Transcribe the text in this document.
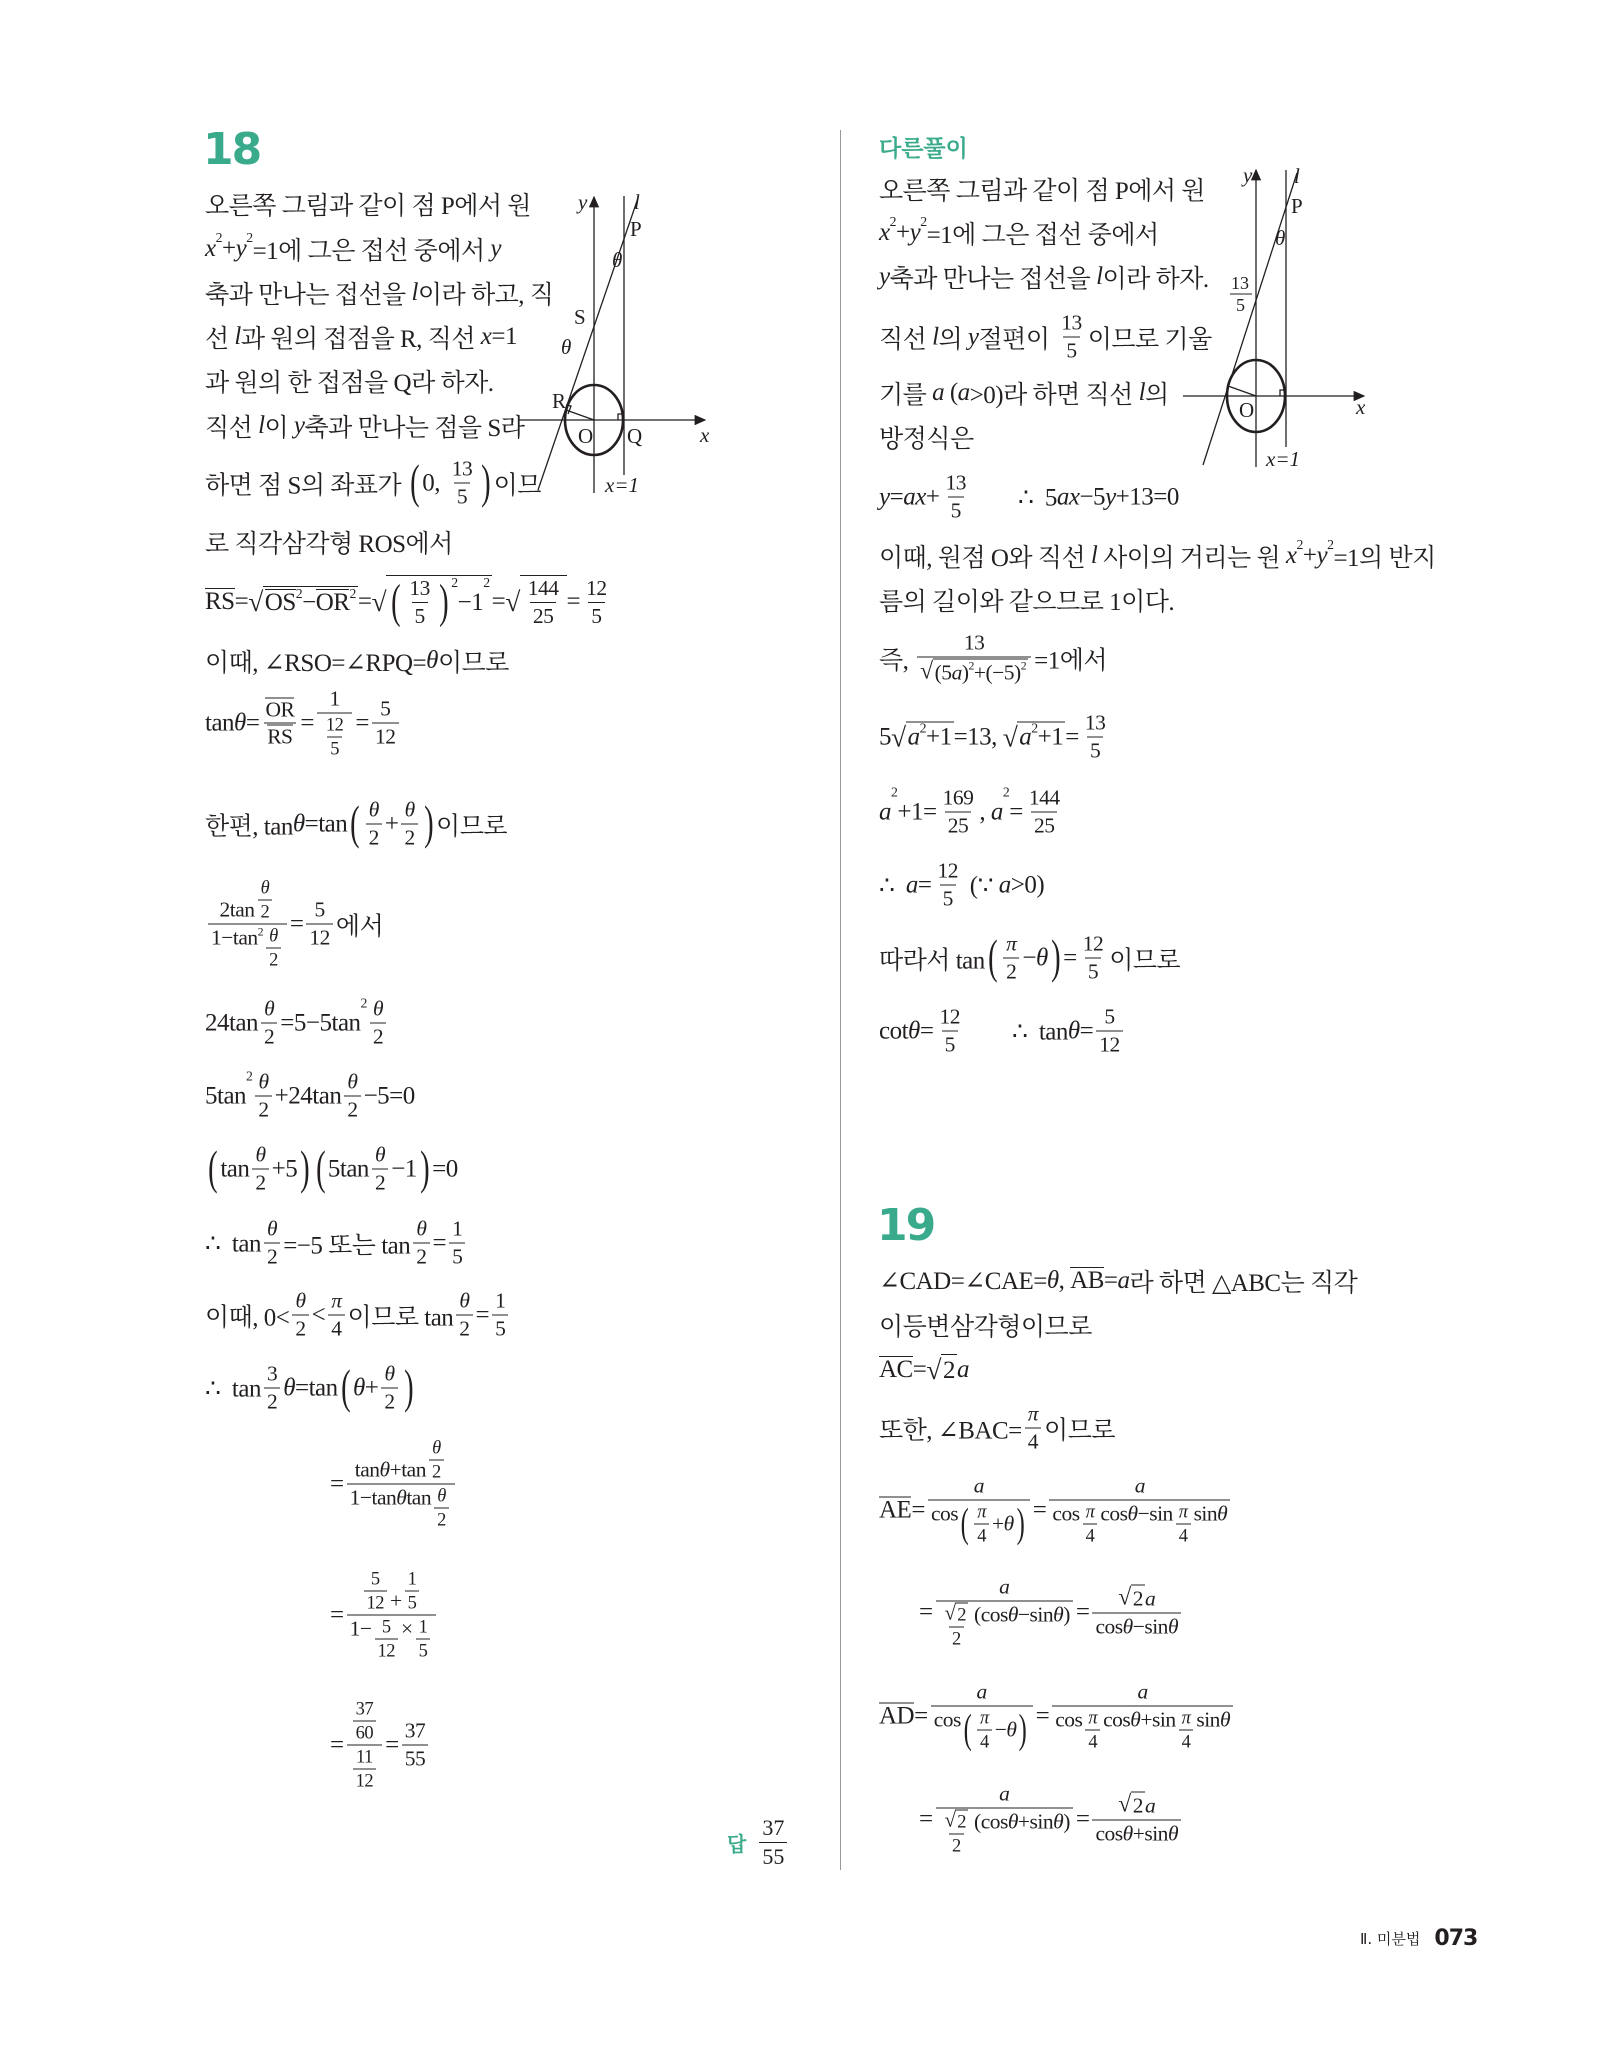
18	다른풀이
19
y l
P
θ
S
θ
R
O Q	x
x=1
y l
P
θ
13
5
O	x
x=1
답 $\frac{37}{55}$
Ⅱ. 미분법 073
오른쪽 그림과 같이 점 P에서 원
x 2 + y 2
=1에 그은 접선 중에서 y
축과 만나는 접선을 l 이라 하고, 직
선 l 과 원의 접점을 R, 직선 x =1
과 원의 한 접점을 Q라 하자.
직선 l 이 y 축과 만나는 점을 S라
하면 점 S의 좌표가 ( 0, $\frac{13}{5}$ ) 이므
로 직각삼각형 ROS에서
RS = √ OS 2 − OR 2 = √ ( $\frac{13}{5}$ ) 2
−1
2
= √ $\frac{144}{25} = \frac{12}{5}$
이때, ∠RSO=∠RPQ= θ 이므로
$\tan \theta = \frac{OR}{RS} = \frac{1}{\frac{12}{5}} = \frac{5}{12}$
한편, tan θ =tan ( $\frac{\theta}{2} + \frac{\theta}{2}$ ) 이므로
$\frac{2\tan \frac{\theta}{2}}{1-\tan 2 \frac{\theta}{2}} = \frac{5}{12}$ 에서
$24\tan \frac{\theta}{2} =5-5\tan$
$2 \frac{\theta}{2}$
5tan
$2 \frac{\theta}{2} +24\tan \frac{\theta}{2} -5=0$
( $\tan \frac{\theta}{2} +5$ ) ( $5\tan \frac{\theta}{2} -1$ ) =0
∴  $\tan \frac{\theta}{2} =-5$ 또는 $\tan \frac{\theta}{2} = \frac{1}{5}$
이때, $0< \frac{\theta}{2} < \frac{\pi}{4}$ 이므로 $\tan \frac{\theta}{2} = \frac{1}{5}$
∴  $\tan \frac{3}{2}$ θ =tan ( $\theta + \frac{\theta}{2}$ )
= $\frac{\tan \theta +\tan \frac{\theta}{2}}{1-\tan \theta \tan \frac{\theta}{2}}$
= $\frac{\frac{5}{12} + \frac{1}{5}}{1- \frac{5}{12} \times \frac{1}{5}}$
= $\frac{\frac{37}{60}}{\frac{11}{12}} = \frac{37}{55}$
오른쪽 그림과 같이 점 P에서 원
x 2 + y 2
=1에 그은 접선 중에서
y 축과 만나는 접선을 l 이라 하자.
직선 l 의 y 절편이 $\frac{13}{5}$ 이므로 기울
기를 a ( a >0)라 하면 직선 l 의
방정식은
y = ax + $\frac{13}{5}$ ∴  5 ax −5 y +13=0
이때, 원점 O와 직선 l 사이의 거리는 원 x 2 + y 2
=1의 반지
름의 길이와 같으므로 1이다.
즉, $\frac{13}{√ (5 a ) 2 +(-5) 2} =1$에서
5 √ a 2 +1 =13, √ a $2 +1 = \frac{13}{5}$
a
2
$+1= \frac{169}{25}$ , a
2
= $\frac{144}{25}$
∴ $a = \frac{12}{5}$ (∵ a >0)
따라서 tan ( $\frac{\pi}{2} - \theta$ ) = $\frac{12}{5}$ 이므로
$\cot \theta = \frac{12}{5}$ ∴  $\tan \theta = \frac{5}{12}$
∠CAD=∠CAE= θ , AB = a 라 하면 △ABC는 직각
이등변삼각형이므로
AC = √ 2 a
또한, ∠BAC= $\frac{\pi}{4}$ 이므로
AE = $\frac{a}{\cos ( \frac{\pi}{4} + \theta )} = \frac{a}{\cos \frac{\pi}{4} \cos \theta -\sin \frac{\pi}{4} \sin \theta}$
= $\frac{a}{\frac{√ 2}{2} (\cos \theta -\sin \theta )} = \frac{√ 2 a}{\text{cos θ −sin θ}}$
AD = $\frac{a}{\cos ( \frac{\pi}{4} - \theta )} = \frac{a}{\cos \frac{\pi}{4} \cos \theta +\sin \frac{\pi}{4} \sin \theta}$
= $\frac{a}{\frac{√ 2}{2} (\cos \theta +\sin \theta )} = \frac{√ 2 a}{\text{cos θ +sin θ}}$
